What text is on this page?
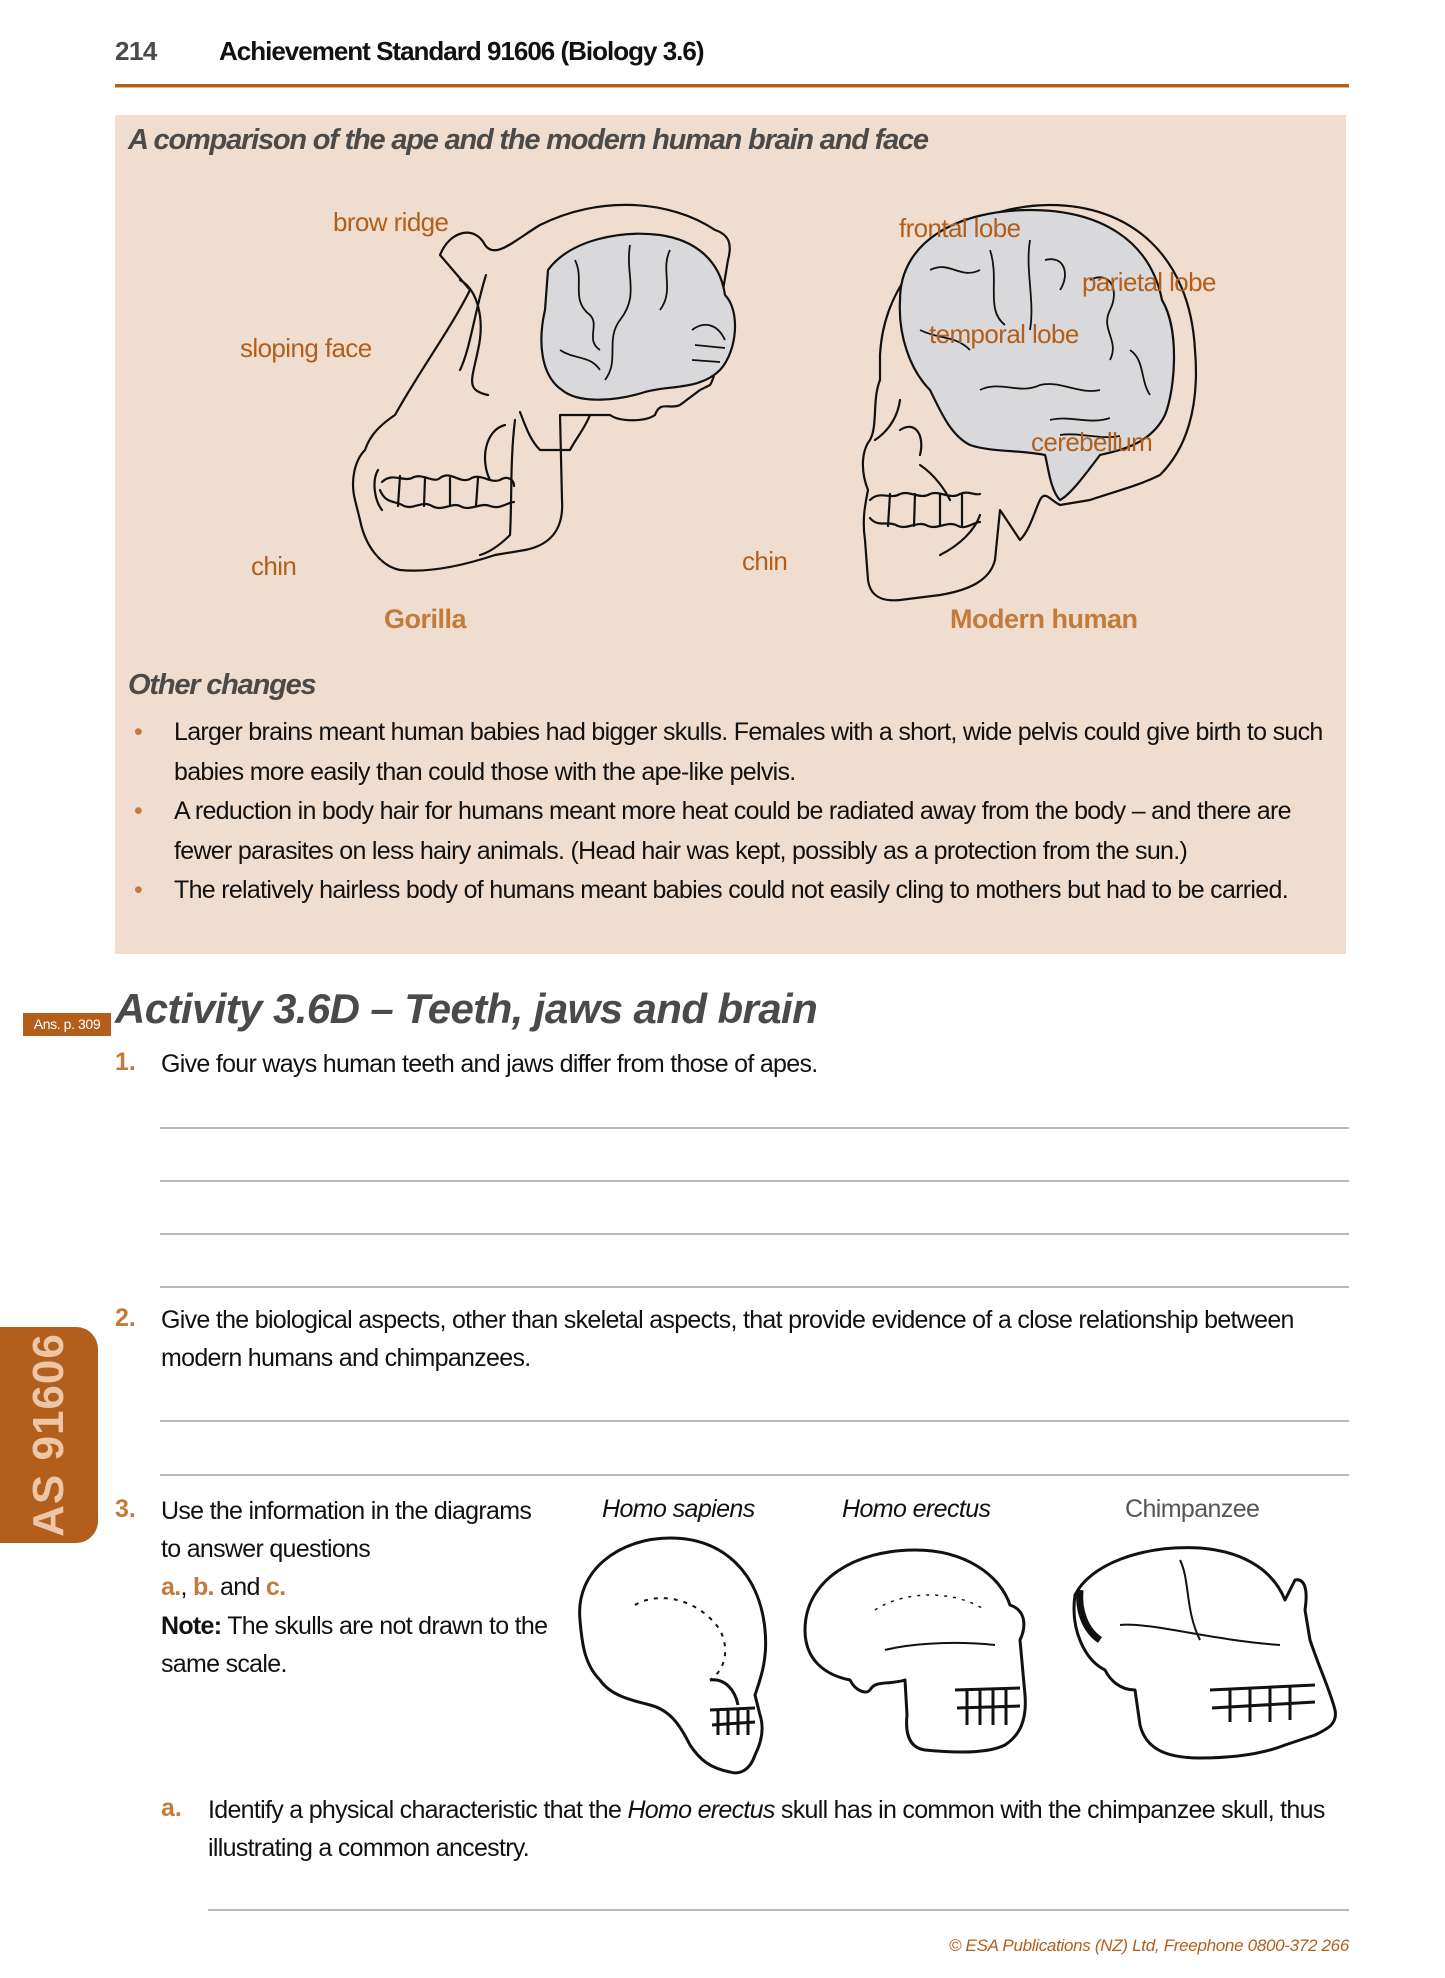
214 Achievement Standard 91606 (Biology 3.6)
A comparison of the ape and the modern human brain and face
brow ridge
sloping face
chin
Gorilla
frontal lobe
parietal lobe
temporal lobe
cerebellum
chin
Modern human
Other changes
• Larger brains meant human babies had bigger skulls. Females with a short, wide pelvis could give birth to such babies more easily than could those with the ape-like pelvis.
• A reduction in body hair for humans meant more heat could be radiated away from the body – and there are fewer parasites on less hairy animals. (Head hair was kept, possibly as a protection from the sun.)
• The relatively hairless body of humans meant babies could not easily cling to mothers but had to be carried.
Ans. p. 309 Activity 3.6D – Teeth, jaws and brain
1. Give four ways human teeth and jaws differ from those of apes.
2. Give the biological aspects, other than skeletal aspects, that provide evidence of a close relationship between modern humans and chimpanzees.
AS 91606 3. Use the information in the diagrams to answer questions
a., b. and c.
Note: The skulls are not drawn to the same scale.
Homo sapiens	Homo erectus	Chimpanzee
a. Identify a physical characteristic that the Homo erectus skull has in common with the chimpanzee skull, thus illustrating a common ancestry.
© ESA Publications (NZ) Ltd, Freephone 0800-372 266
